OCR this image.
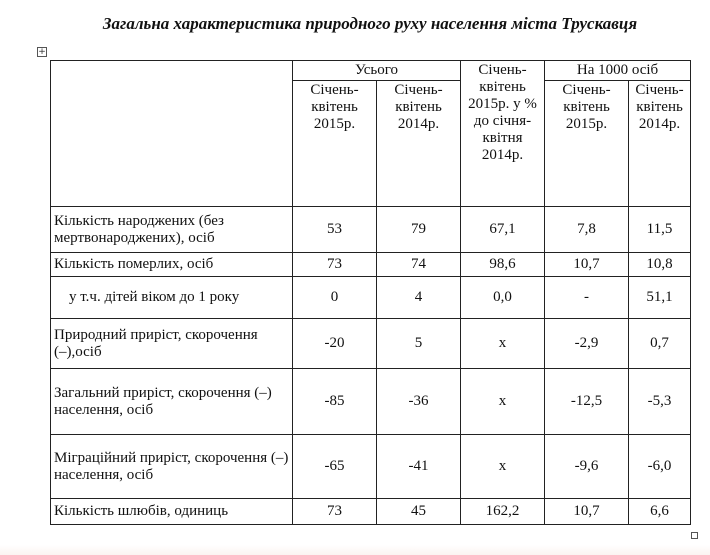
Загальна характеристика природного руху населення міста Трускавця
+
	Усього		Січень-квітень 2015р. у % до січня-квітня 2014р.	На 1000 осіб	
	Січень-квітень 2015р.	Січень-квітень 2014р.		Січень-квітень 2015р.	Січень-квітень 2014р.
Кількість народжених (без мертвонароджених), осіб	53	79	67,1	7,8	11,5
Кількість померлих, осіб	73	74	98,6	10,7	10,8
у т.ч. дітей віком до 1 року	0	4	0,0	-	51,1
Природний приріст, скорочення (–),осіб	-20	5	х	-2,9	0,7
Загальний приріст, скорочення (–) населення, осіб	-85	-36	х	-12,5	-5,3
Міграційний приріст, скорочення (–) населення, осіб	-65	-41	х	-9,6	-6,0
Кількість шлюбів, одиниць	73	45	162,2	10,7	6,6
